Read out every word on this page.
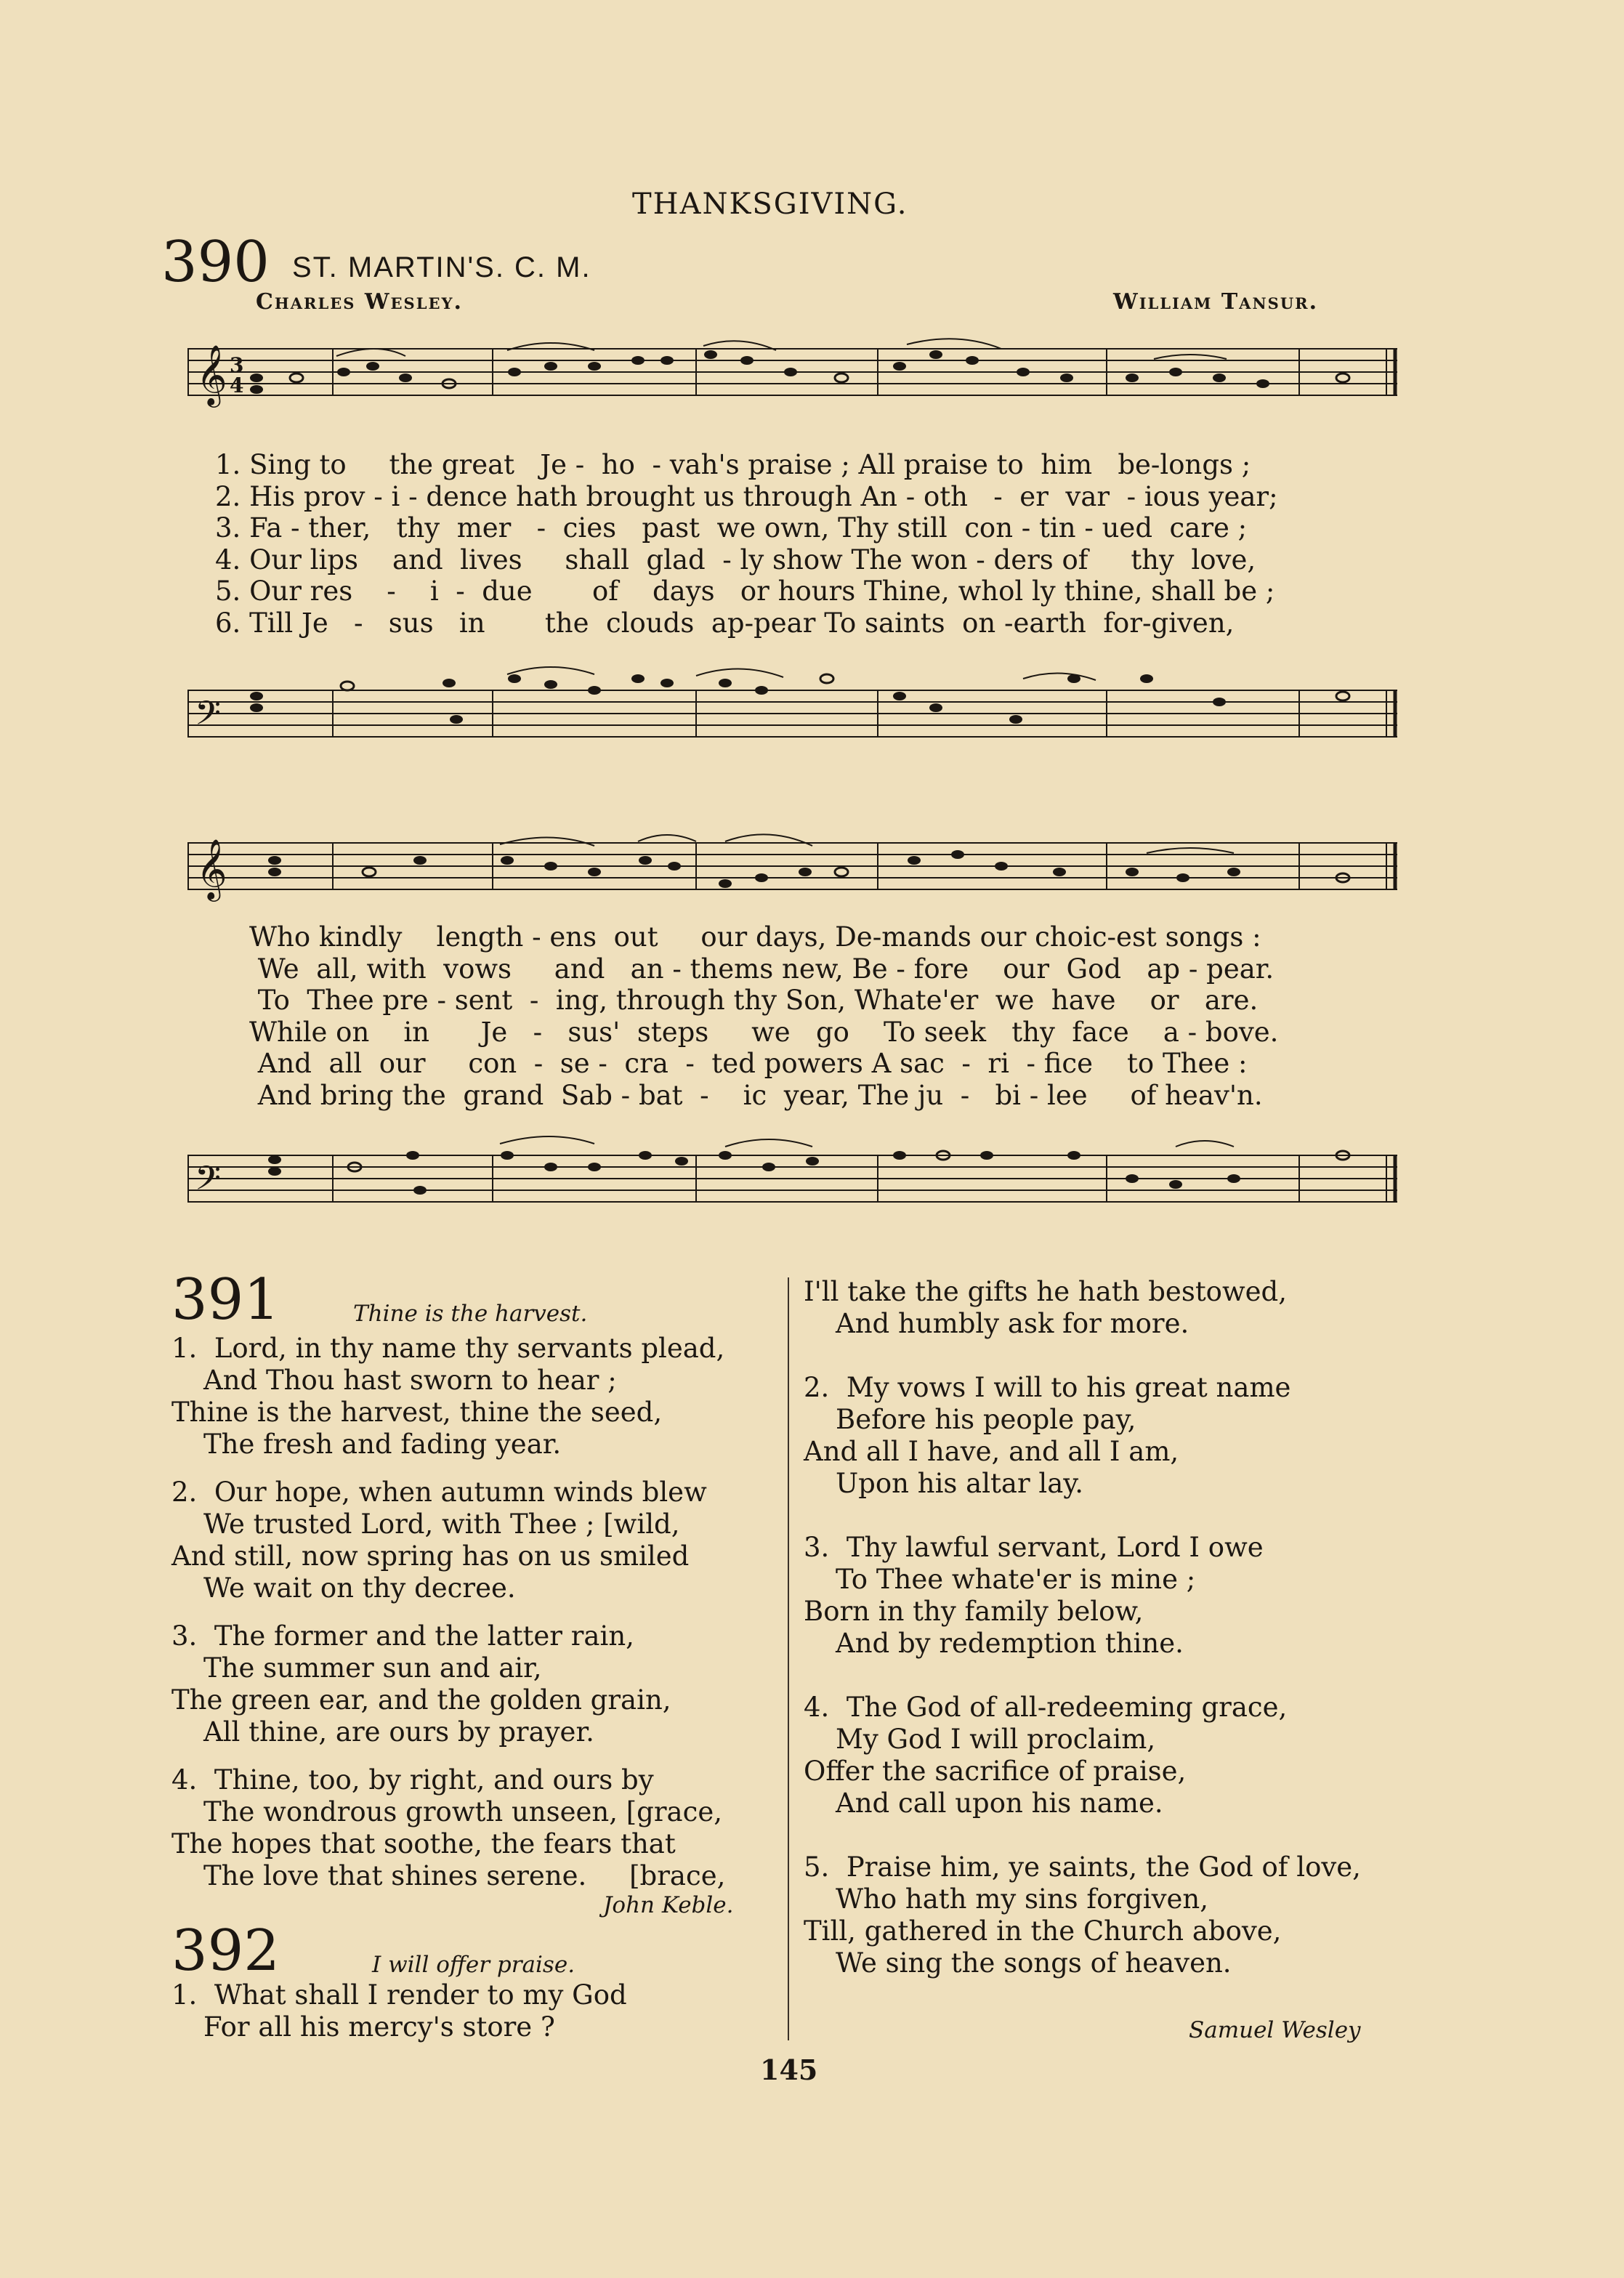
THANKSGIVING.
390 ST. MARTIN'S. C. M.
Charles Wesley.	William Tansur.
𝄞 3
4
1. Sing to     the great   Je -  ho  - vah's praise ; All praise to  him   be-longs ;
2. His prov - i - dence hath brought us through An - oth   -  er  var  - ious year;
3. Fa - ther,   thy  mer   -  cies   past  we own, Thy still  con - tin - ued  care ;
4. Our lips    and  lives     shall  glad  - ly show The won - ders of     thy  love,
5. Our res    -    i  -  due       of    days   or hours Thine, whol ly thine, shall be ;
6. Till Je   -   sus   in       the  clouds  ap-pear To saints  on -earth  for-given,
𝄢
𝄞
Who kindly    length - ens  out     our days, De-mands our choic-est songs :
We  all, with  vows     and   an - thems new, Be - fore    our  God   ap - pear.
To  Thee pre - sent  -  ing, through thy Son, Whate'er  we  have    or   are.
While on    in      Je   -   sus'  steps     we   go    To seek   thy  face    a - bove.
And  all  our     con  -  se -  cra  -  ted powers A sac  -  ri  - fice    to Thee :
And bring the  grand  Sab - bat  -    ic  year, The ju  -   bi - lee     of heav'n.
𝄢
391	Thine is the harvest.
1.  Lord, in thy name thy servants plead,
And Thou hast sworn to hear ;
Thine is the harvest, thine the seed,
The fresh and fading year.
2.  Our hope, when autumn winds blew
We trusted Lord, with Thee ; [wild,
And still, now spring has on us smiled
We wait on thy decree.
3.  The former and the latter rain,
The summer sun and air,
The green ear, and the golden grain,
All thine, are ours by prayer.
4.  Thine, too, by right, and ours by
The wondrous growth unseen, [grace,
The hopes that soothe, the fears that
The love that shines serene.     [brace,
John Keble.
392	I will offer praise.
1.  What shall I render to my God
For all his mercy's store ?
I'll take the gifts he hath bestowed,
And humbly ask for more.
2.  My vows I will to his great name
Before his people pay,
And all I have, and all I am,
Upon his altar lay.
3.  Thy lawful servant, Lord I owe
To Thee whate'er is mine ;
Born in thy family below,
And by redemption thine.
4.  The God of all-redeeming grace,
My God I will proclaim,
Offer the sacrifice of praise,
And call upon his name.
5.  Praise him, ye saints, the God of love,
Who hath my sins forgiven,
Till, gathered in the Church above,
We sing the songs of heaven.
Samuel Wesley
145
